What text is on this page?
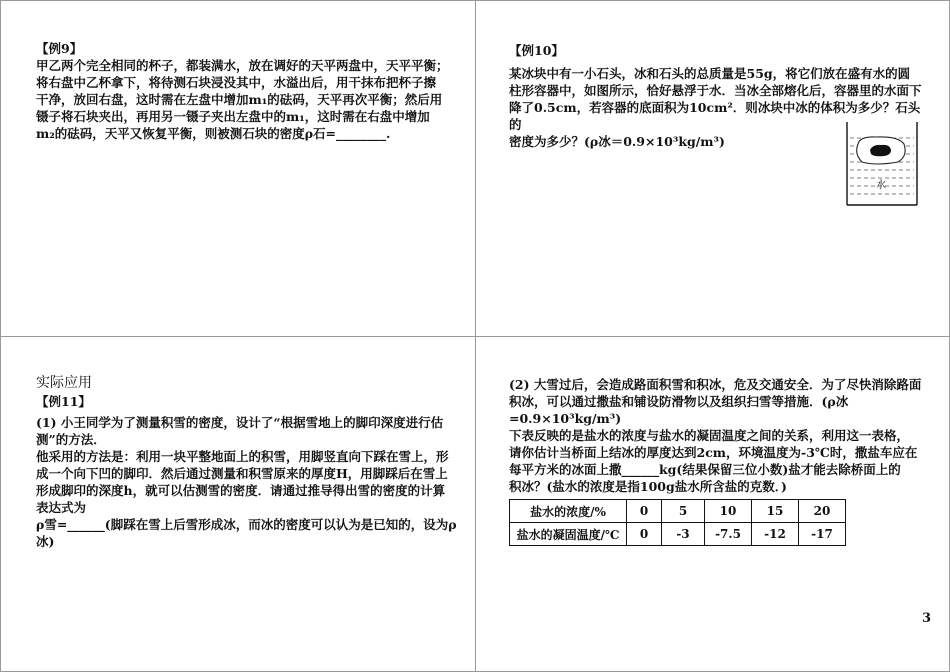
【例9】

甲乙两个完全相同的杯子，都装满水，放在调好的天平两盘中，天平平衡；

将右盘中乙杯拿下，将待测石块浸没其中，水溢出后，用干抹布把杯子擦

干净，放回右盘，这时需在左盘中增加m₁的砝码，天平再次平衡；然后用

镊子将石块夹出，再用另一镊子夹出左盘中的m₁，这时需在右盘中增加

m₂的砝码，天平又恢复平衡，则被测石块的密度ρ石=________.

【例10】

某冰块中有一小石头，冰和石头的总质量是55g，将它们放在盛有水的圆

柱形容器中，如图所示，恰好悬浮于水．当冰全部熔化后，容器里的水面下

降了0.5cm，若容器的底面积为10cm²．则冰块中冰的体积为多少？石头的

密度为多少？(ρ冰＝0.9×10³kg/m³)

水

实际应用

【例11】

(1) 小王同学为了测量积雪的密度，设计了“根据雪地上的脚印深度进行估

测”的方法．

他采用的方法是：利用一块平整地面上的积雪，用脚竖直向下踩在雪上，形

成一个向下凹的脚印．然后通过测量和积雪原来的厚度H，用脚踩后在雪上

形成脚印的深度h，就可以估测雪的密度．请通过推导得出雪的密度的计算

表达式为

ρ雪=______(脚踩在雪上后雪形成冰，而冰的密度可以认为是已知的，设为ρ冰)

(2) 大雪过后，会造成路面积雪和积冰，危及交通安全．为了尽快消除路面

积冰，可以通过撒盐和铺设防滑物以及组织扫雪等措施．(ρ冰

=0.9×10³kg/m³)

下表反映的是盐水的浓度与盐水的凝固温度之间的关系，利用这一表格，

请你估计当桥面上结冰的厚度达到2cm，环境温度为-3℃时，撒盐车应在

每平方米的冰面上撒______kg(结果保留三位小数)盐才能去除桥面上的

积冰？(盐水的浓度是指100g盐水所含盐的克数．)

盐水的浓度/%	0	5	10	15	20
盐水的凝固温度/℃	0	-3	-7.5	-12	-17
3
